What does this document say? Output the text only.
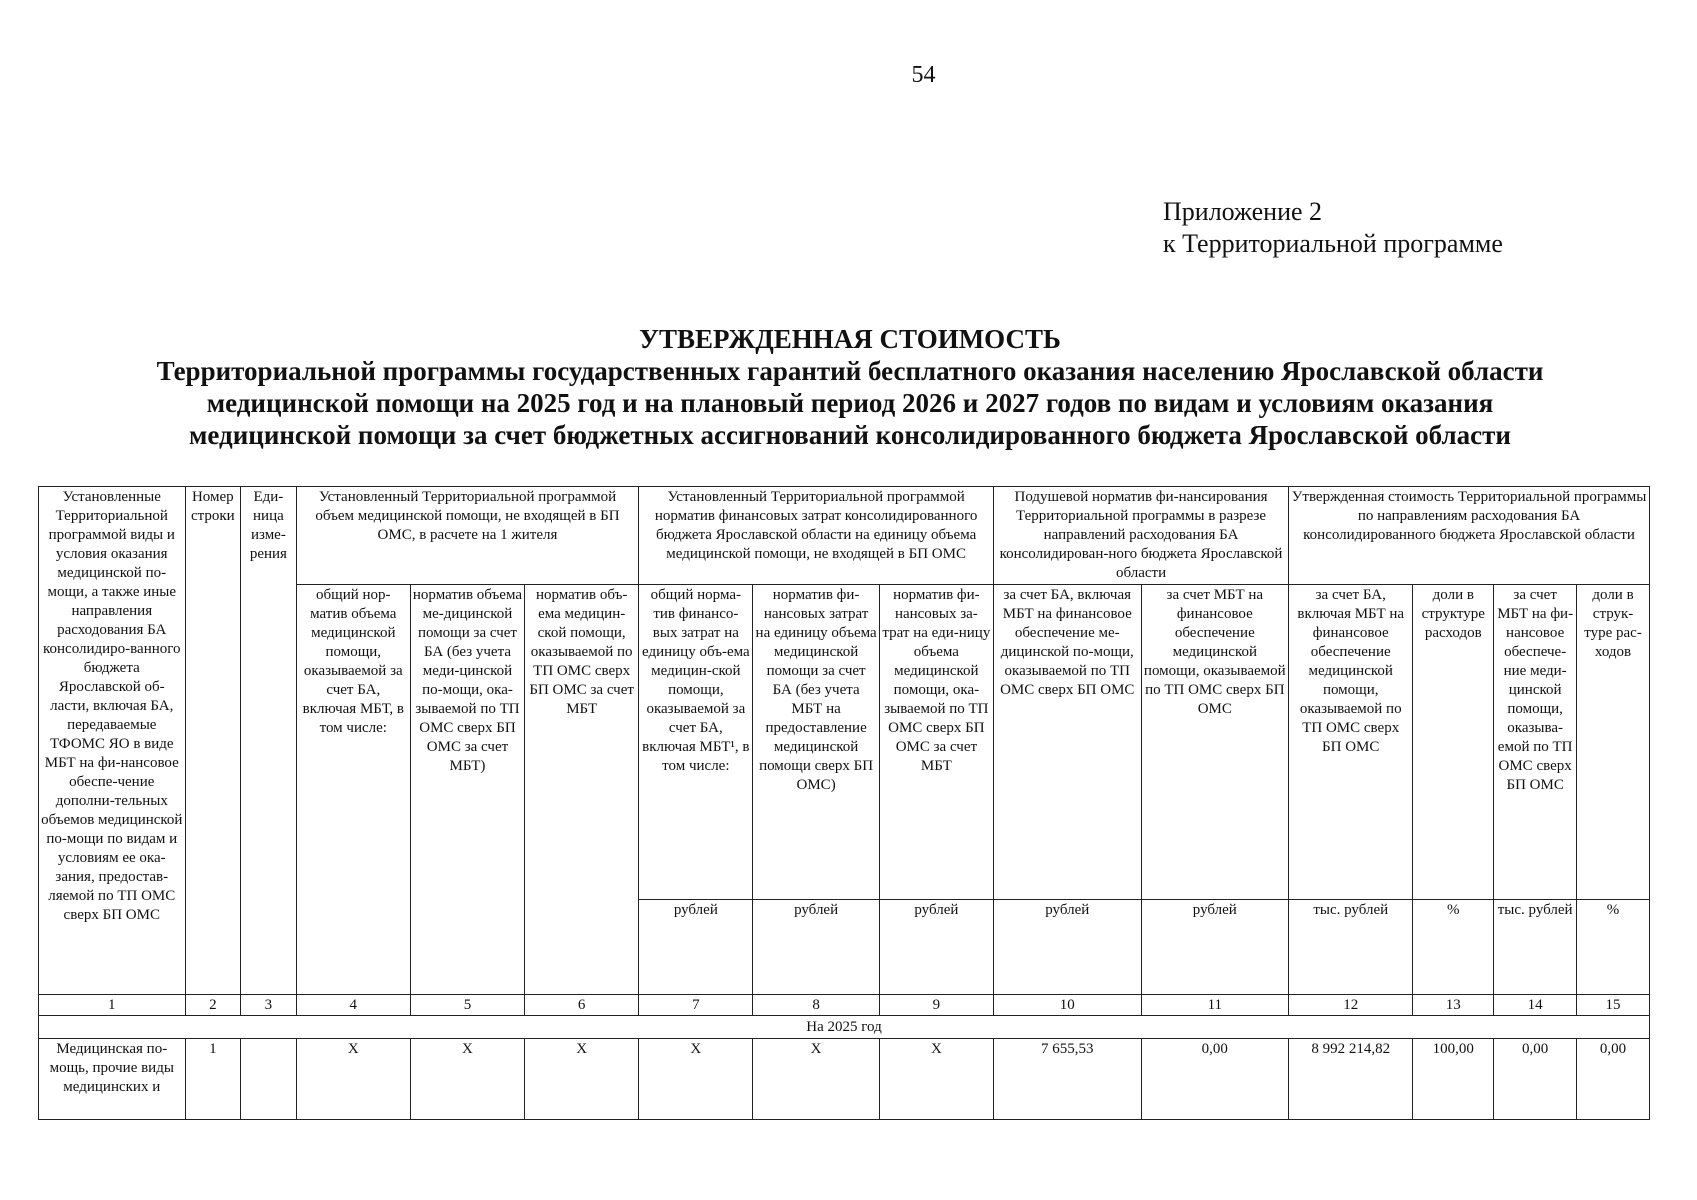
54
Приложение 2
к Территориальной программе
УТВЕРЖДЕННАЯ СТОИМОСТЬ
Территориальной программы государственных гарантий бесплатного оказания населению Ярославской области
медицинской помощи на 2025 год и на плановый период 2026 и 2027 годов по видам и условиям оказания
медицинской помощи за счет бюджетных ассигнований консолидированного бюджета Ярославской области
Установленные Территориальной программой виды и условия оказания медицинской по-мощи, а также иные направления расходования БА консолидиро-ванного бюджета Ярославской об-ласти, включая БА, передаваемые ТФОМС ЯО в виде МБТ на фи-нансовое обеспе-чение дополни-тельных объемов медицинской по-мощи по видам и условиям ее ока-зания, предостав-ляемой по ТП ОМС сверх БП ОМС	Номер строки	Еди-ница изме-рения	Установленный Территориальной программой объем медицинской помощи, не входящей в БП ОМС, в расчете на 1 жителя			Установленный Территориальной программой норматив финансовых затрат консолидированного бюджета Ярославской области на единицу объема медицинской помощи, не входящей в БП ОМС			Подушевой норматив фи-нансирования Территориальной программы в разрезе направлений расходования БА консолидирован-ного бюджета Ярославской области		Утвержденная стоимость Территориальной программы по направлениям расходования БА консолидированного бюджета Ярославской области			
			общий нор-матив объема медицинской помощи, оказываемой за счет БА, включая МБТ, в том числе:	норматив объема ме-дицинской помощи за счет БА (без учета меди-цинской по-мощи, ока-зываемой по ТП ОМС сверх БП ОМС за счет МБТ)	норматив объ-ема медицин-ской помощи, оказываемой по ТП ОМС сверх БП ОМС за счет МБТ	общий норма-тив финансо-вых затрат на единицу объ-ема медицин-ской помощи, оказываемой за счет БА, включая МБТ¹, в том числе:	норматив фи-нансовых затрат на единицу объема медицинской помощи за счет БА (без учета МБТ на предоставление медицинской помощи сверх БП ОМС)	норматив фи-нансовых за-трат на еди-ницу объема медицинской помощи, ока-зываемой по ТП ОМС сверх БП ОМС за счет МБТ	за счет БА, включая МБТ на финансовое обеспечение ме-дицинской по-мощи, оказываемой по ТП ОМС сверх БП ОМС	за счет МБТ на финансовое обеспечение медицинской помощи, оказываемой по ТП ОМС сверх БП ОМС	за счет БА, включая МБТ на финансовое обеспечение медицинской помощи, оказываемой по ТП ОМС сверх БП ОМС	доли в структуре расходов	за счет МБТ на фи-нансовое обеспече-ние меди-цинской помощи, оказыва-емой по ТП ОМС сверх БП ОМС	доли в струк-туре рас-ходов
						рублей	рублей	рублей	рублей	рублей	тыс. рублей	%	тыс. рублей	%
1	2	3	4	5	6	7	8	9	10	11	12	13	14	15
На 2025 год														
Медицинская по-мощь, прочие виды медицинских и	1		X	X	X	X	X	X	7 655,53	0,00	8 992 214,82	100,00	0,00	0,00
